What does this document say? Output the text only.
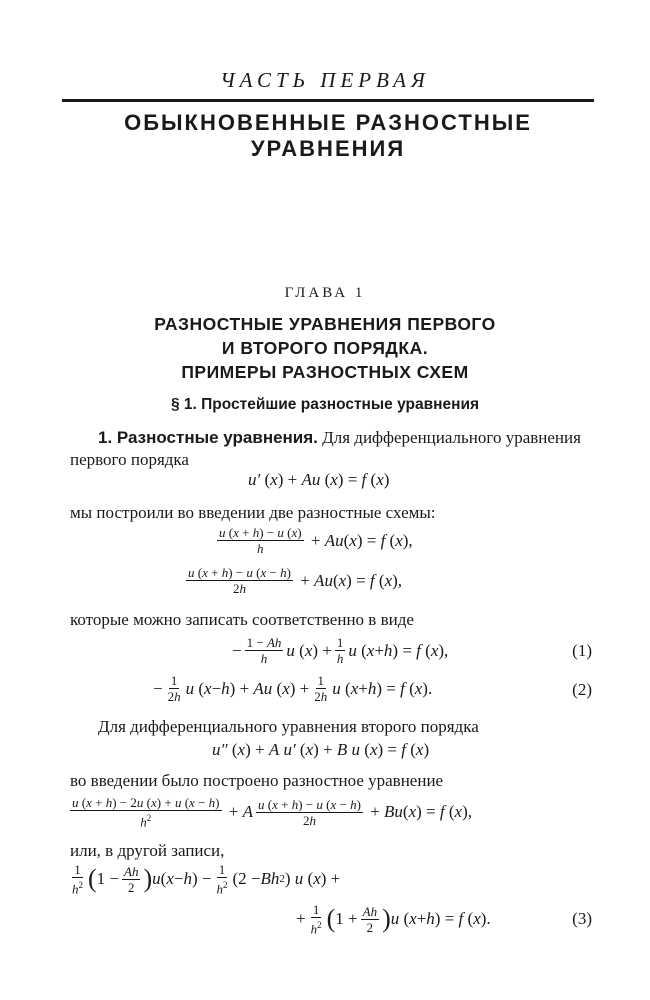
ЧАСТЬ ПЕРВАЯ
ОБЫКНОВЕННЫЕ РАЗНОСТНЫЕ УРАВНЕНИЯ
ГЛАВА 1
РАЗНОСТНЫЕ УРАВНЕНИЯ ПЕРВОГО
И ВТОРОГО ПОРЯДКА.
ПРИМЕРЫ РАЗНОСТНЫХ СХЕМ
§ 1. Простейшие разностные уравнения
1. Разностные уравнения. Для дифференциального уравнения первого порядка
u′ ( x ) + A u ( x ) = f ( x )
мы построили во введении две разностные схемы:
$\frac{u (x + h) - u (x)}{h} + A$ u ( x ) = f ( x ),
$\frac{u (x + h) - u (x - h)}{2h} + A$ u ( x ) = f ( x ),
которые можно записать соответственно в виде
− $\frac{1 - Ah}{h}$ u ( x ) + $\frac{1}{h}$ u ( x + h ) = f ( x ),	(1)
− $\frac{1}{2h}$ u ( x − h ) + A u ( x ) + $\frac{1}{2h}$ u ( x + h ) = f ( x ).	(2)
Для дифференциального уравнения второго порядка
u″ ( x ) + A
u′ ( x ) + B
u ( x ) = f ( x )
во введении было построено разностное уравнение
$\frac{u (x + h) - 2u (x) + u (x - h)}{h^2} + A \frac{u (x + h) - u (x - h)}{2h} + B$ u ( x ) = f ( x ),
или, в другой записи,
$\frac{1}{h^2}$ ( $1 - \frac{Ah}{2}$ ) u ( x − h ) − $\frac{1}{h^2} (2 - B$ h 2 ) u ( x ) +
+ $\frac{1}{h^2}$ ( $1 + \frac{Ah}{2}$ ) u ( x + h ) = f ( x ).	(3)
